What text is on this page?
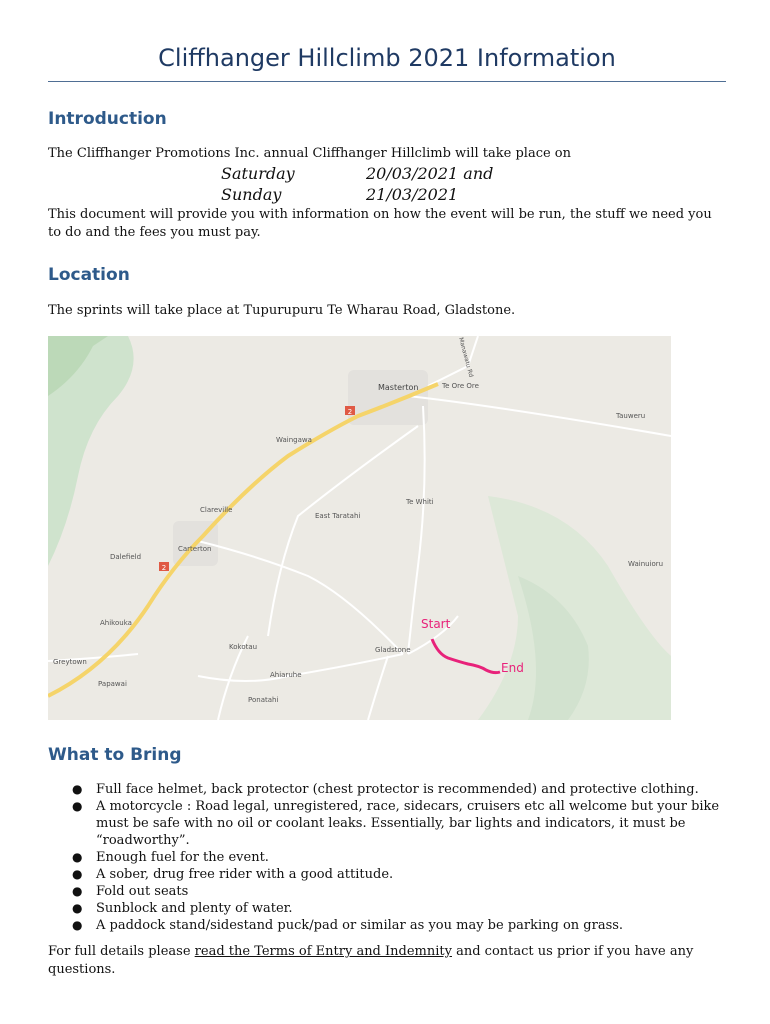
Cliffhanger Hillclimb 2021 Information
Introduction

The Cliffhanger Promotions Inc. annual Cliffhanger Hillclimb will take place on

Saturday	20/03/2021 and
Sunday	21/03/2021

This document will provide you with information on how the event will be run, the stuff we need you to do and the fees you must pay.

Location

The sprints will take place at Tupurupuru Te Wharau Road, Gladstone.

2
2
Masterton	Te Ore Ore
Tauweru
Waingawa
Te Whiti
Clareville
East Taratahi
Carterton
Dalefield
Wainuioru
Ahikouka
Kokotau	Gladstone
Greytown
Ahiaruhe
Papawai
Ponatahi
Manawatu Rd
Start
End
What to Bring
● Full face helmet, back protector (chest protector is recommended) and protective clothing.
● A motorcycle : Road legal, unregistered, race, sidecars, cruisers etc all welcome but your bike must be safe with no oil or coolant leaks. Essentially, bar lights and indicators, it must be “roadworthy”.
● Enough fuel for the event.
● A sober, drug free rider with a good attitude.
● Fold out seats
● Sunblock and plenty of water.
● A paddock stand/sidestand puck/pad or similar as you may be parking on grass.

For full details please read the Terms of Entry and Indemnity and contact us prior if you have any questions.
